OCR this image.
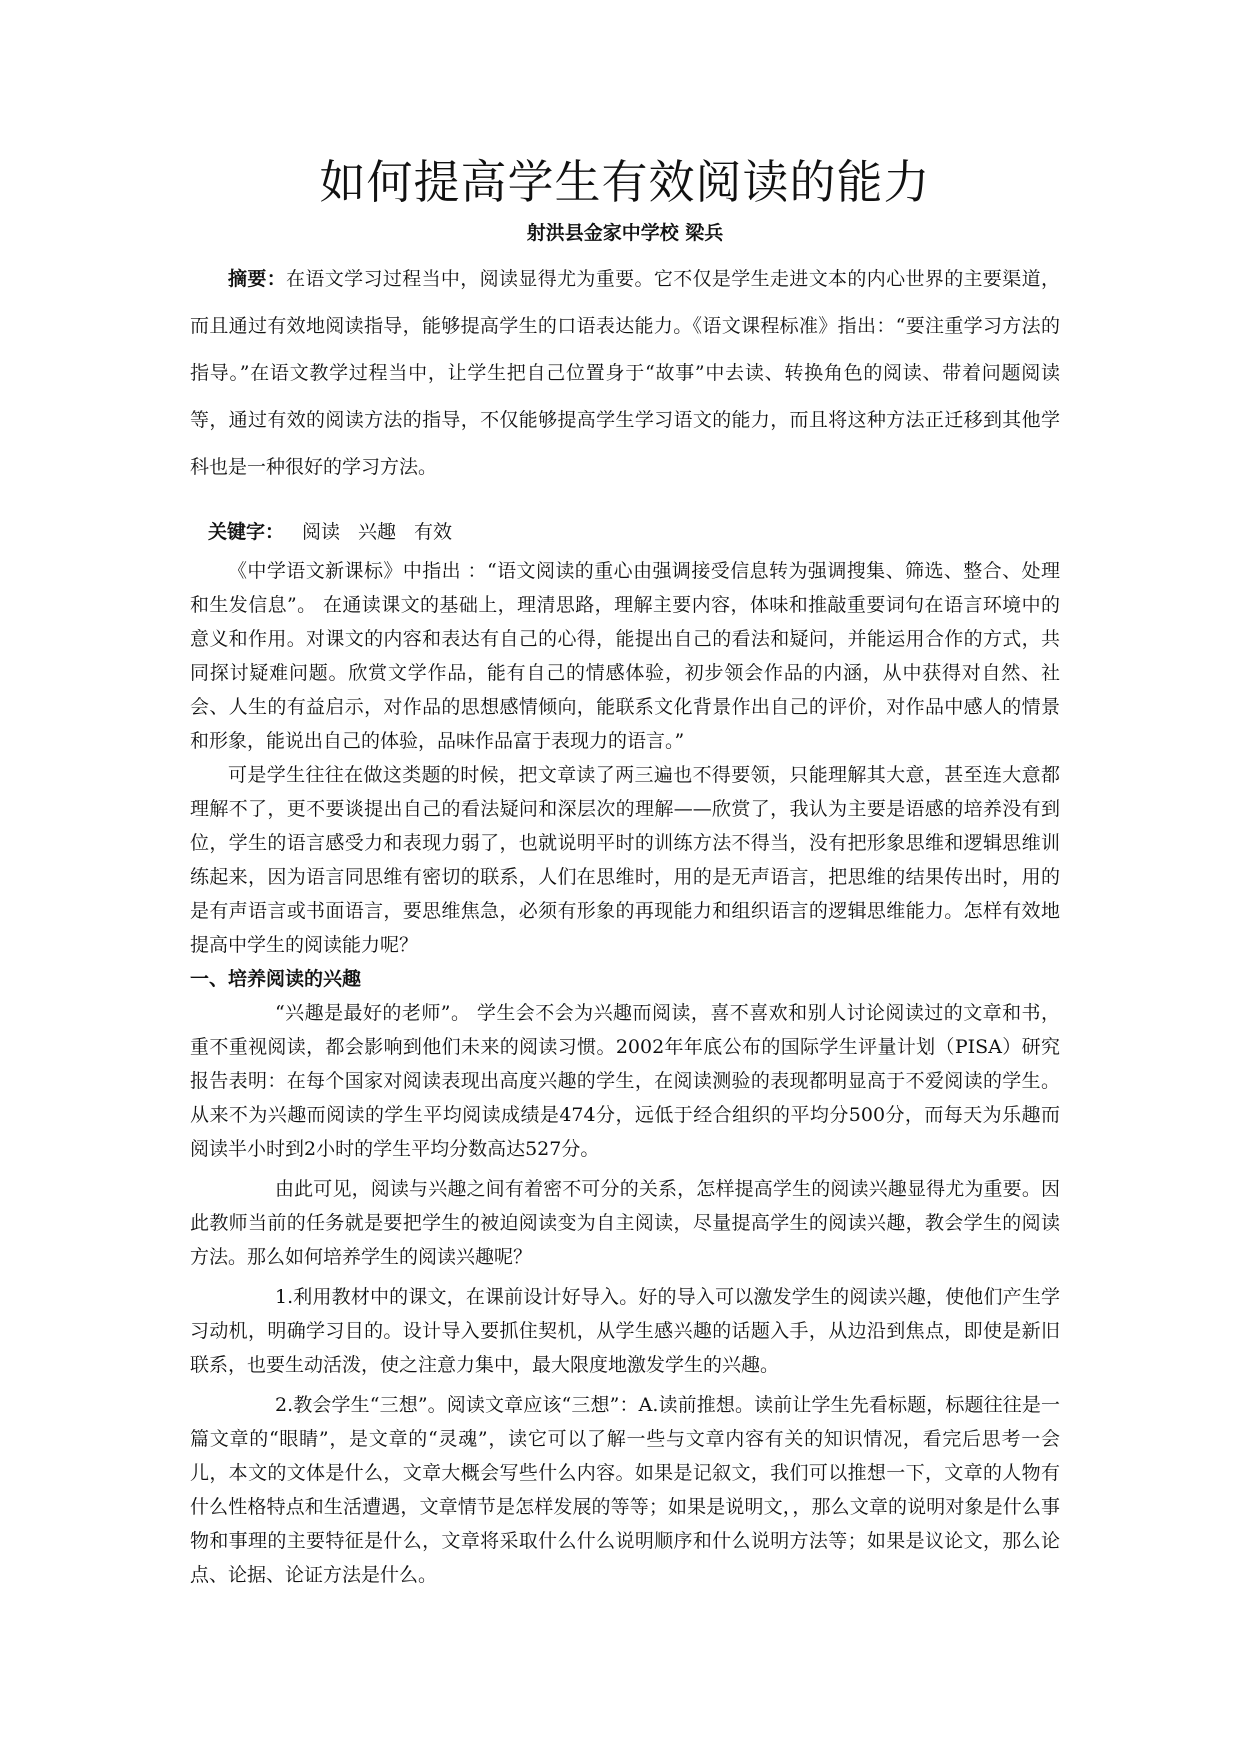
如何提高学生有效阅读的能力
射洪县金家中学校 梁兵

摘要：在语文学习过程当中，阅读显得尤为重要。它不仅是学生走进文本的内心世界的主要渠道，而且通过有效地阅读指导，能够提高学生的口语表达能力。《语文课程标准》指出：“要注重学习方法的指导。”在语文教学过程当中，让学生把自己位置身于“故事”中去读、转换角色的阅读、带着问题阅读等，通过有效的阅读方法的指导，不仅能够提高学生学习语文的能力，而且将这种方法正迁移到其他学科也是一种很好的学习方法。

关键字： 阅读 兴趣 有效

《中学语文新课标》中指出 ：“语文阅读的重心由强调接受信息转为强调搜集、筛选、整合、处理和生发信息”。 在通读课文的基础上，理清思路，理解主要内容，体味和推敲重要词句在语言环境中的意义和作用。对课文的内容和表达有自己的心得，能提出自己的看法和疑问，并能运用合作的方式，共同探讨疑难问题。欣赏文学作品，能有自己的情感体验，初步领会作品的内涵，从中获得对自然、社会、人生的有益启示，对作品的思想感情倾向，能联系文化背景作出自己的评价，对作品中感人的情景和形象，能说出自己的体验，品味作品富于表现力的语言。”

可是学生往往在做这类题的时候，把文章读了两三遍也不得要领，只能理解其大意，甚至连大意都理解不了，更不要谈提出自己的看法疑问和深层次的理解——欣赏了，我认为主要是语感的培养没有到位，学生的语言感受力和表现力弱了，也就说明平时的训练方法不得当，没有把形象思维和逻辑思维训练起来，因为语言同思维有密切的联系，人们在思维时，用的是无声语言，把思维的结果传出时，用的是有声语言或书面语言，要思维焦急，必须有形象的再现能力和组织语言的逻辑思维能力。怎样有效地提高中学生的阅读能力呢？

一、培养阅读的兴趣

“兴趣是最好的老师”。 学生会不会为兴趣而阅读，喜不喜欢和别人讨论阅读过的文章和书，重不重视阅读，都会影响到他们未来的阅读习惯。2002年年底公布的国际学生评量计划（PISA）研究报告表明：在每个国家对阅读表现出高度兴趣的学生，在阅读测验的表现都明显高于不爱阅读的学生。从来不为兴趣而阅读的学生平均阅读成绩是474分，远低于经合组织的平均分500分，而每天为乐趣而阅读半小时到2小时的学生平均分数高达527分。

由此可见，阅读与兴趣之间有着密不可分的关系，怎样提高学生的阅读兴趣显得尤为重要。因此教师当前的任务就是要把学生的被迫阅读变为自主阅读，尽量提高学生的阅读兴趣，教会学生的阅读方法。那么如何培养学生的阅读兴趣呢？

1.利用教材中的课文，在课前设计好导入。好的导入可以激发学生的阅读兴趣，使他们产生学习动机，明确学习目的。设计导入要抓住契机，从学生感兴趣的话题入手，从边沿到焦点，即使是新旧联系，也要生动活泼，使之注意力集中，最大限度地激发学生的兴趣。

2.教会学生“三想”。阅读文章应该“三想”：A.读前推想。读前让学生先看标题，标题往往是一篇文章的“眼睛”，是文章的“灵魂”，读它可以了解一些与文章内容有关的知识情况，看完后思考一会儿，本文的文体是什么，文章大概会写些什么内容。如果是记叙文，我们可以推想一下，文章的人物有什么性格特点和生活遭遇，文章情节是怎样发展的等等；如果是说明文，，那么文章的说明对象是什么事物和事理的主要特征是什么，文章将采取什么什么说明顺序和什么说明方法等；如果是议论文，那么论点、论据、论证方法是什么。
